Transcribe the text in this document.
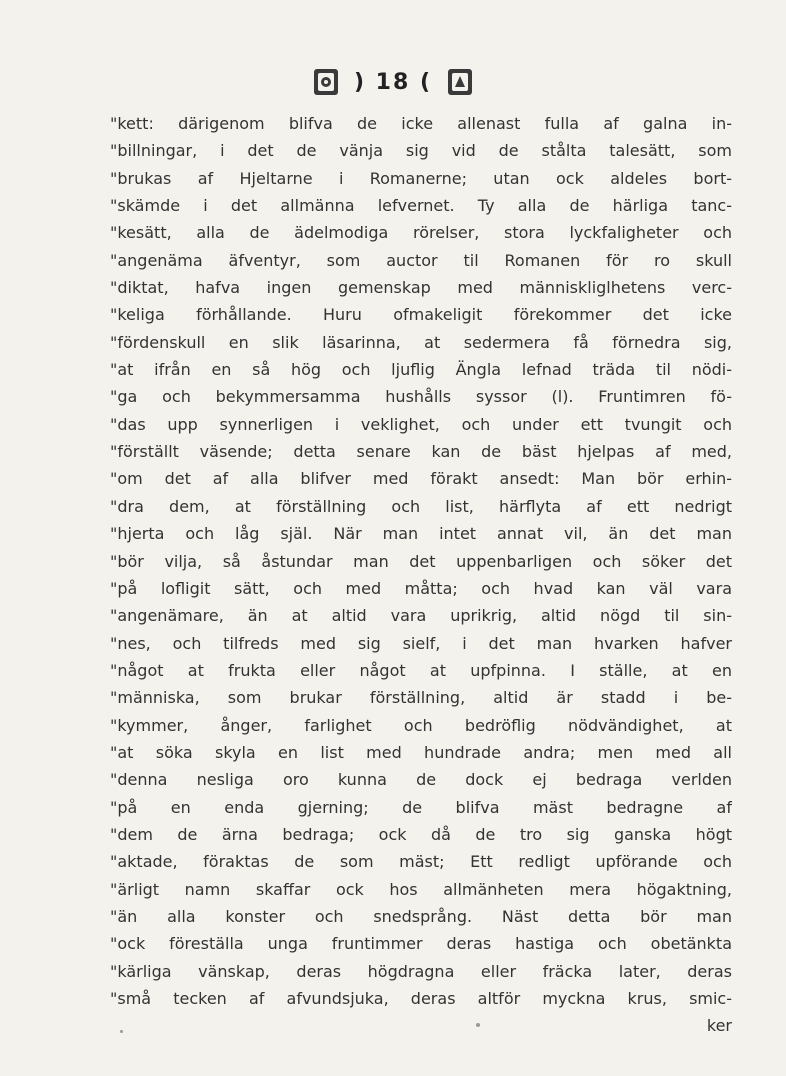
) 18 (
"kett: därigenom blifva de icke allenast fulla af galna in-
"billningar, i det de vänja sig vid de stålta talesätt, som
"brukas af Hjeltarne i Romanerne; utan ock aldeles bort-
"skämde i det allmänna lefvernet. Ty alla de härliga tanc-
"kesätt, alla de ädelmodiga rörelser, stora lyckfaligheter och
"angenäma äfventyr, som auctor til Romanen för ro skull
"diktat, hafva ingen gemenskap med människliglhetens verc-
"keliga förhållande. Huru ofmakeligit förekommer det icke
"fördenskull en slik läsarinna, at sedermera få förnedra sig,
"at ifrån en så hög och ljuflig Ängla lefnad träda til nödi-
"ga och bekymmersamma hushålls syssor (l). Fruntimren fö-
"das upp synnerligen i veklighet, och under ett tvungit och
"förställt väsende; detta senare kan de bäst hjelpas af med,
"om det af alla blifver med förakt ansedt: Man bör erhin-
"dra dem, at förställning och list, härflyta af ett nedrigt
"hjerta och låg själ. När man intet annat vil, än det man
"bör vilja, så åstundar man det uppenbarligen och söker det
"på lofligit sätt, och med måtta; och hvad kan väl vara
"angenämare, än at altid vara uprikrig, altid nögd til sin-
"nes, och tilfreds med sig sielf, i det man hvarken hafver
"något at frukta eller något at upfpinna. I ställe, at en
"människa, som brukar förställning, altid är stadd i be-
"kymmer, ånger, farlighet och bedröflig nödvändighet, at
"at söka skyla en list med hundrade andra; men med all
"denna nesliga oro kunna de dock ej bedraga verlden
"på en enda gjerning; de blifva mäst bedragne af
"dem de ärna bedraga; ock då de tro sig ganska högt
"aktade, föraktas de som mäst; Ett redligt upförande och
"ärligt namn skaffar ock hos allmänheten mera högaktning,
"än alla konster och snedsprång. Näst detta bör man
"ock föreställa unga fruntimmer deras hastiga och obetänkta
"kärliga vänskap, deras högdragna eller fräcka later, deras
"små tecken af afvundsjuka, deras altför myckna krus, smic-
ker
